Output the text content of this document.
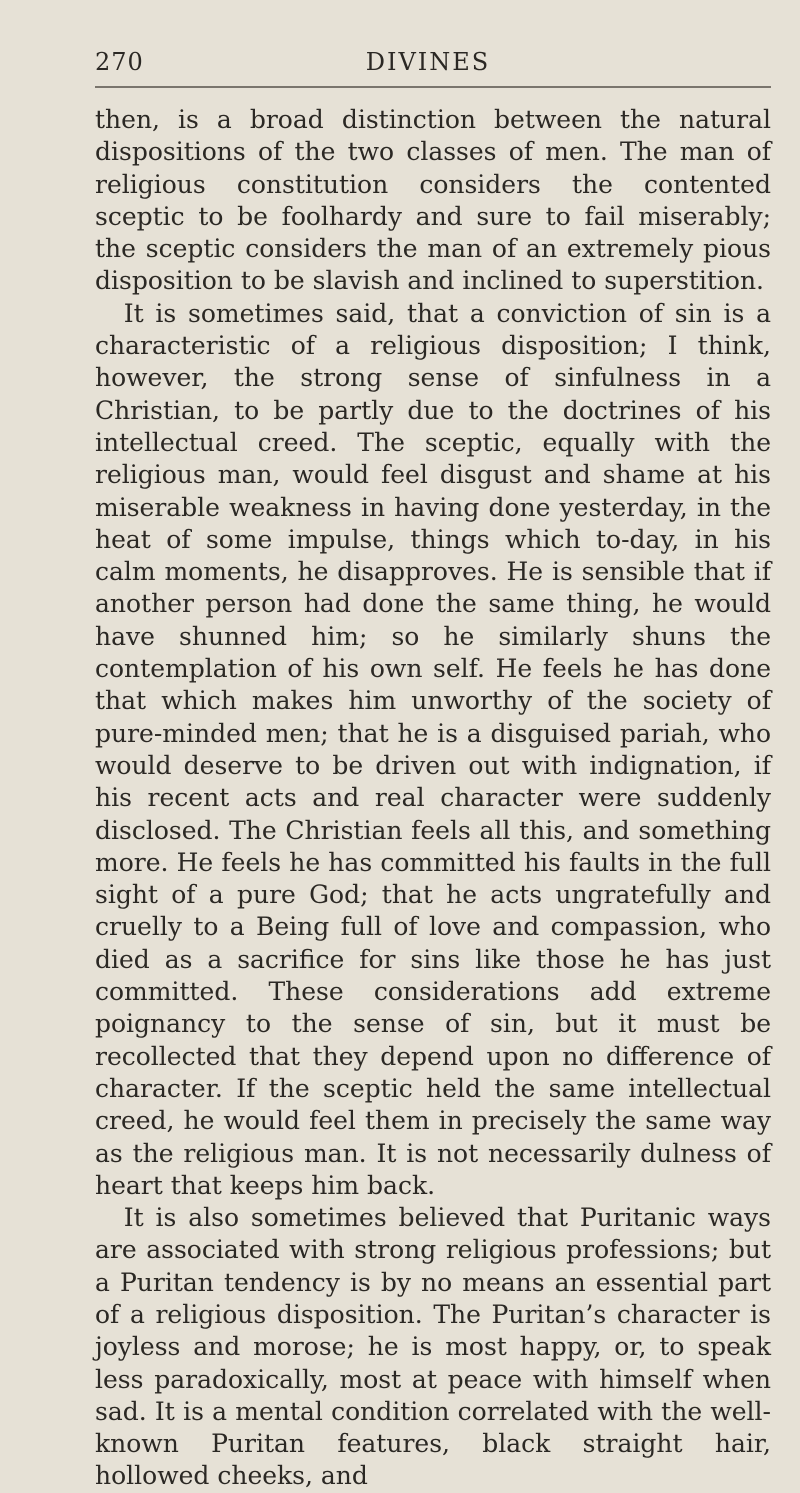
270	DIVINES

then, is a broad distinction between the natural dispositions of the two classes of men. The man of religious constitution considers the contented sceptic to be foolhardy and sure to fail miserably; the sceptic considers the man of an extremely pious disposition to be slavish and inclined to superstition.

It is sometimes said, that a conviction of sin is a characteristic of a religious disposition; I think, however, the strong sense of sinfulness in a Christian, to be partly due to the doctrines of his intellectual creed. The sceptic, equally with the religious man, would feel disgust and shame at his miserable weakness in having done yesterday, in the heat of some impulse, things which to-day, in his calm moments, he disapproves. He is sensible that if another person had done the same thing, he would have shunned him; so he similarly shuns the contemplation of his own self. He feels he has done that which makes him unworthy of the society of pure-minded men; that he is a disguised pariah, who would deserve to be driven out with indignation, if his recent acts and real character were suddenly disclosed. The Christian feels all this, and something more. He feels he has committed his faults in the full sight of a pure God; that he acts ungratefully and cruelly to a Being full of love and compassion, who died as a sacrifice for sins like those he has just committed. These considerations add extreme poignancy to the sense of sin, but it must be recollected that they depend upon no difference of character. If the sceptic held the same intellectual creed, he would feel them in precisely the same way as the religious man. It is not necessarily dulness of heart that keeps him back.

It is also sometimes believed that Puritanic ways are associated with strong religious professions; but a Puritan tendency is by no means an essential part of a religious disposition. The Puritan’s character is joyless and morose; he is most happy, or, to speak less paradoxically, most at peace with himself when sad. It is a mental condition correlated with the well-known Puritan features, black straight hair, hollowed cheeks, and
